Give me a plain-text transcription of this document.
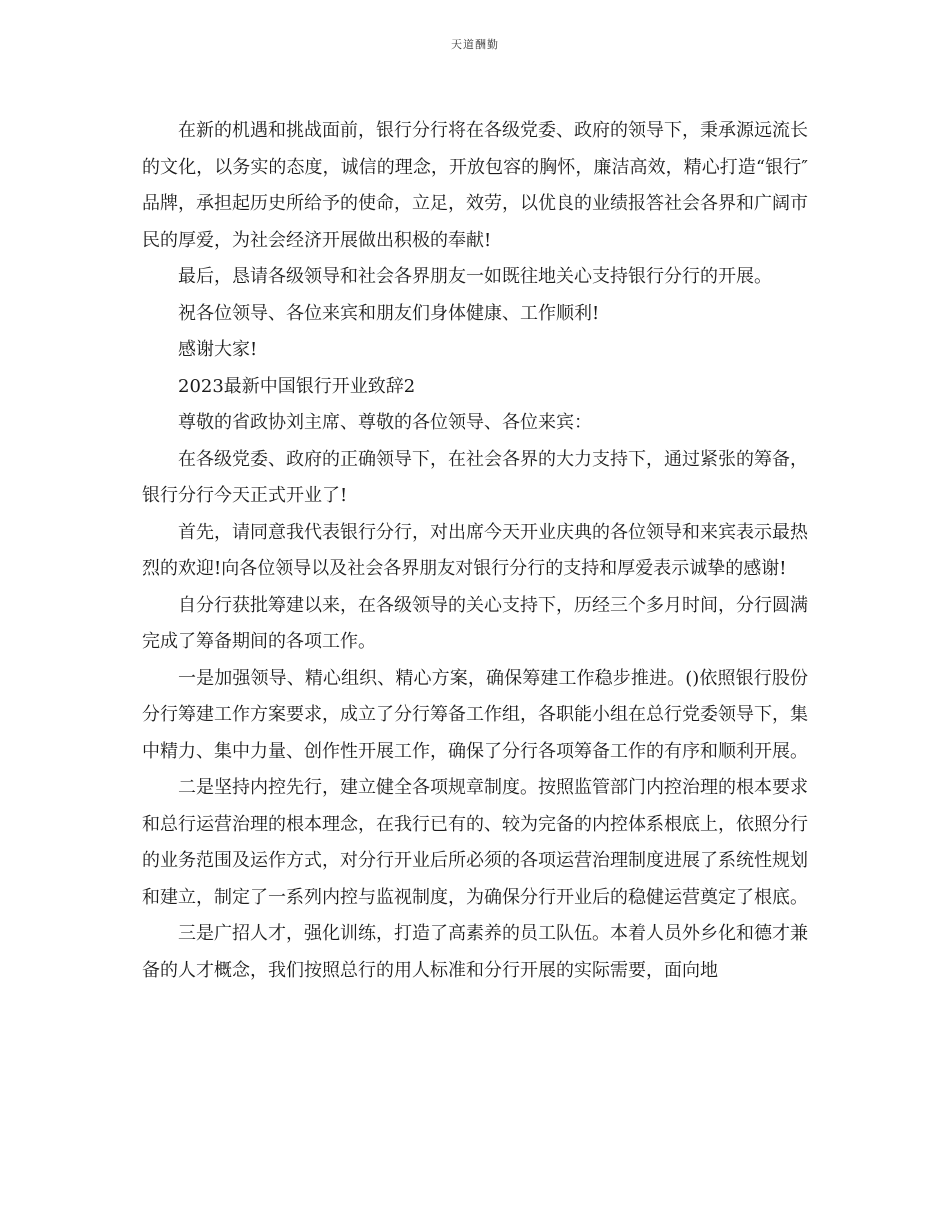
天道酬勤

在新的机遇和挑战面前，银行分行将在各级党委、政府的领导下，秉承源远流长的文化，以务实的态度，诚信的理念，开放包容的胸怀，廉洁高效，精心打造“银行″ 品牌，承担起历史所给予的使命，立足，效劳，以优良的业绩报答社会各界和广阔市民的厚爱，为社会经济开展做出积极的奉献!

最后，恳请各级领导和社会各界朋友一如既往地关心支持银行分行的开展。

祝各位领导、各位来宾和朋友们身体健康、工作顺利!

感谢大家!

2023最新中国银行开业致辞2

尊敬的省政协刘主席、尊敬的各位领导、各位来宾：

在各级党委、政府的正确领导下，在社会各界的大力支持下，通过紧张的筹备，银行分行今天正式开业了!

首先，请同意我代表银行分行，对出席今天开业庆典的各位领导和来宾表示最热烈的欢迎!向各位领导以及社会各界朋友对银行分行的支持和厚爱表示诚挚的感谢!

自分行获批筹建以来，在各级领导的关心支持下，历经三个多月时间，分行圆满完成了筹备期间的各项工作。

一是加强领导、精心组织、精心方案，确保筹建工作稳步推进。()依照银行股份分行筹建工作方案要求，成立了分行筹备工作组，各职能小组在总行党委领导下，集中精力、集中力量、创作性开展工作，确保了分行各项筹备工作的有序和顺利开展。

二是坚持内控先行，建立健全各项规章制度。按照监管部门内控治理的根本要求和总行运营治理的根本理念，在我行已有的、较为完备的内控体系根底上，依照分行的业务范围及运作方式，对分行开业后所必须的各项运营治理制度进展了系统性规划和建立，制定了一系列内控与监视制度，为确保分行开业后的稳健运营奠定了根底。

三是广招人才，强化训练，打造了高素养的员工队伍。本着人员外乡化和德才兼备的人才概念，我们按照总行的用人标准和分行开展的实际需要，面向地
